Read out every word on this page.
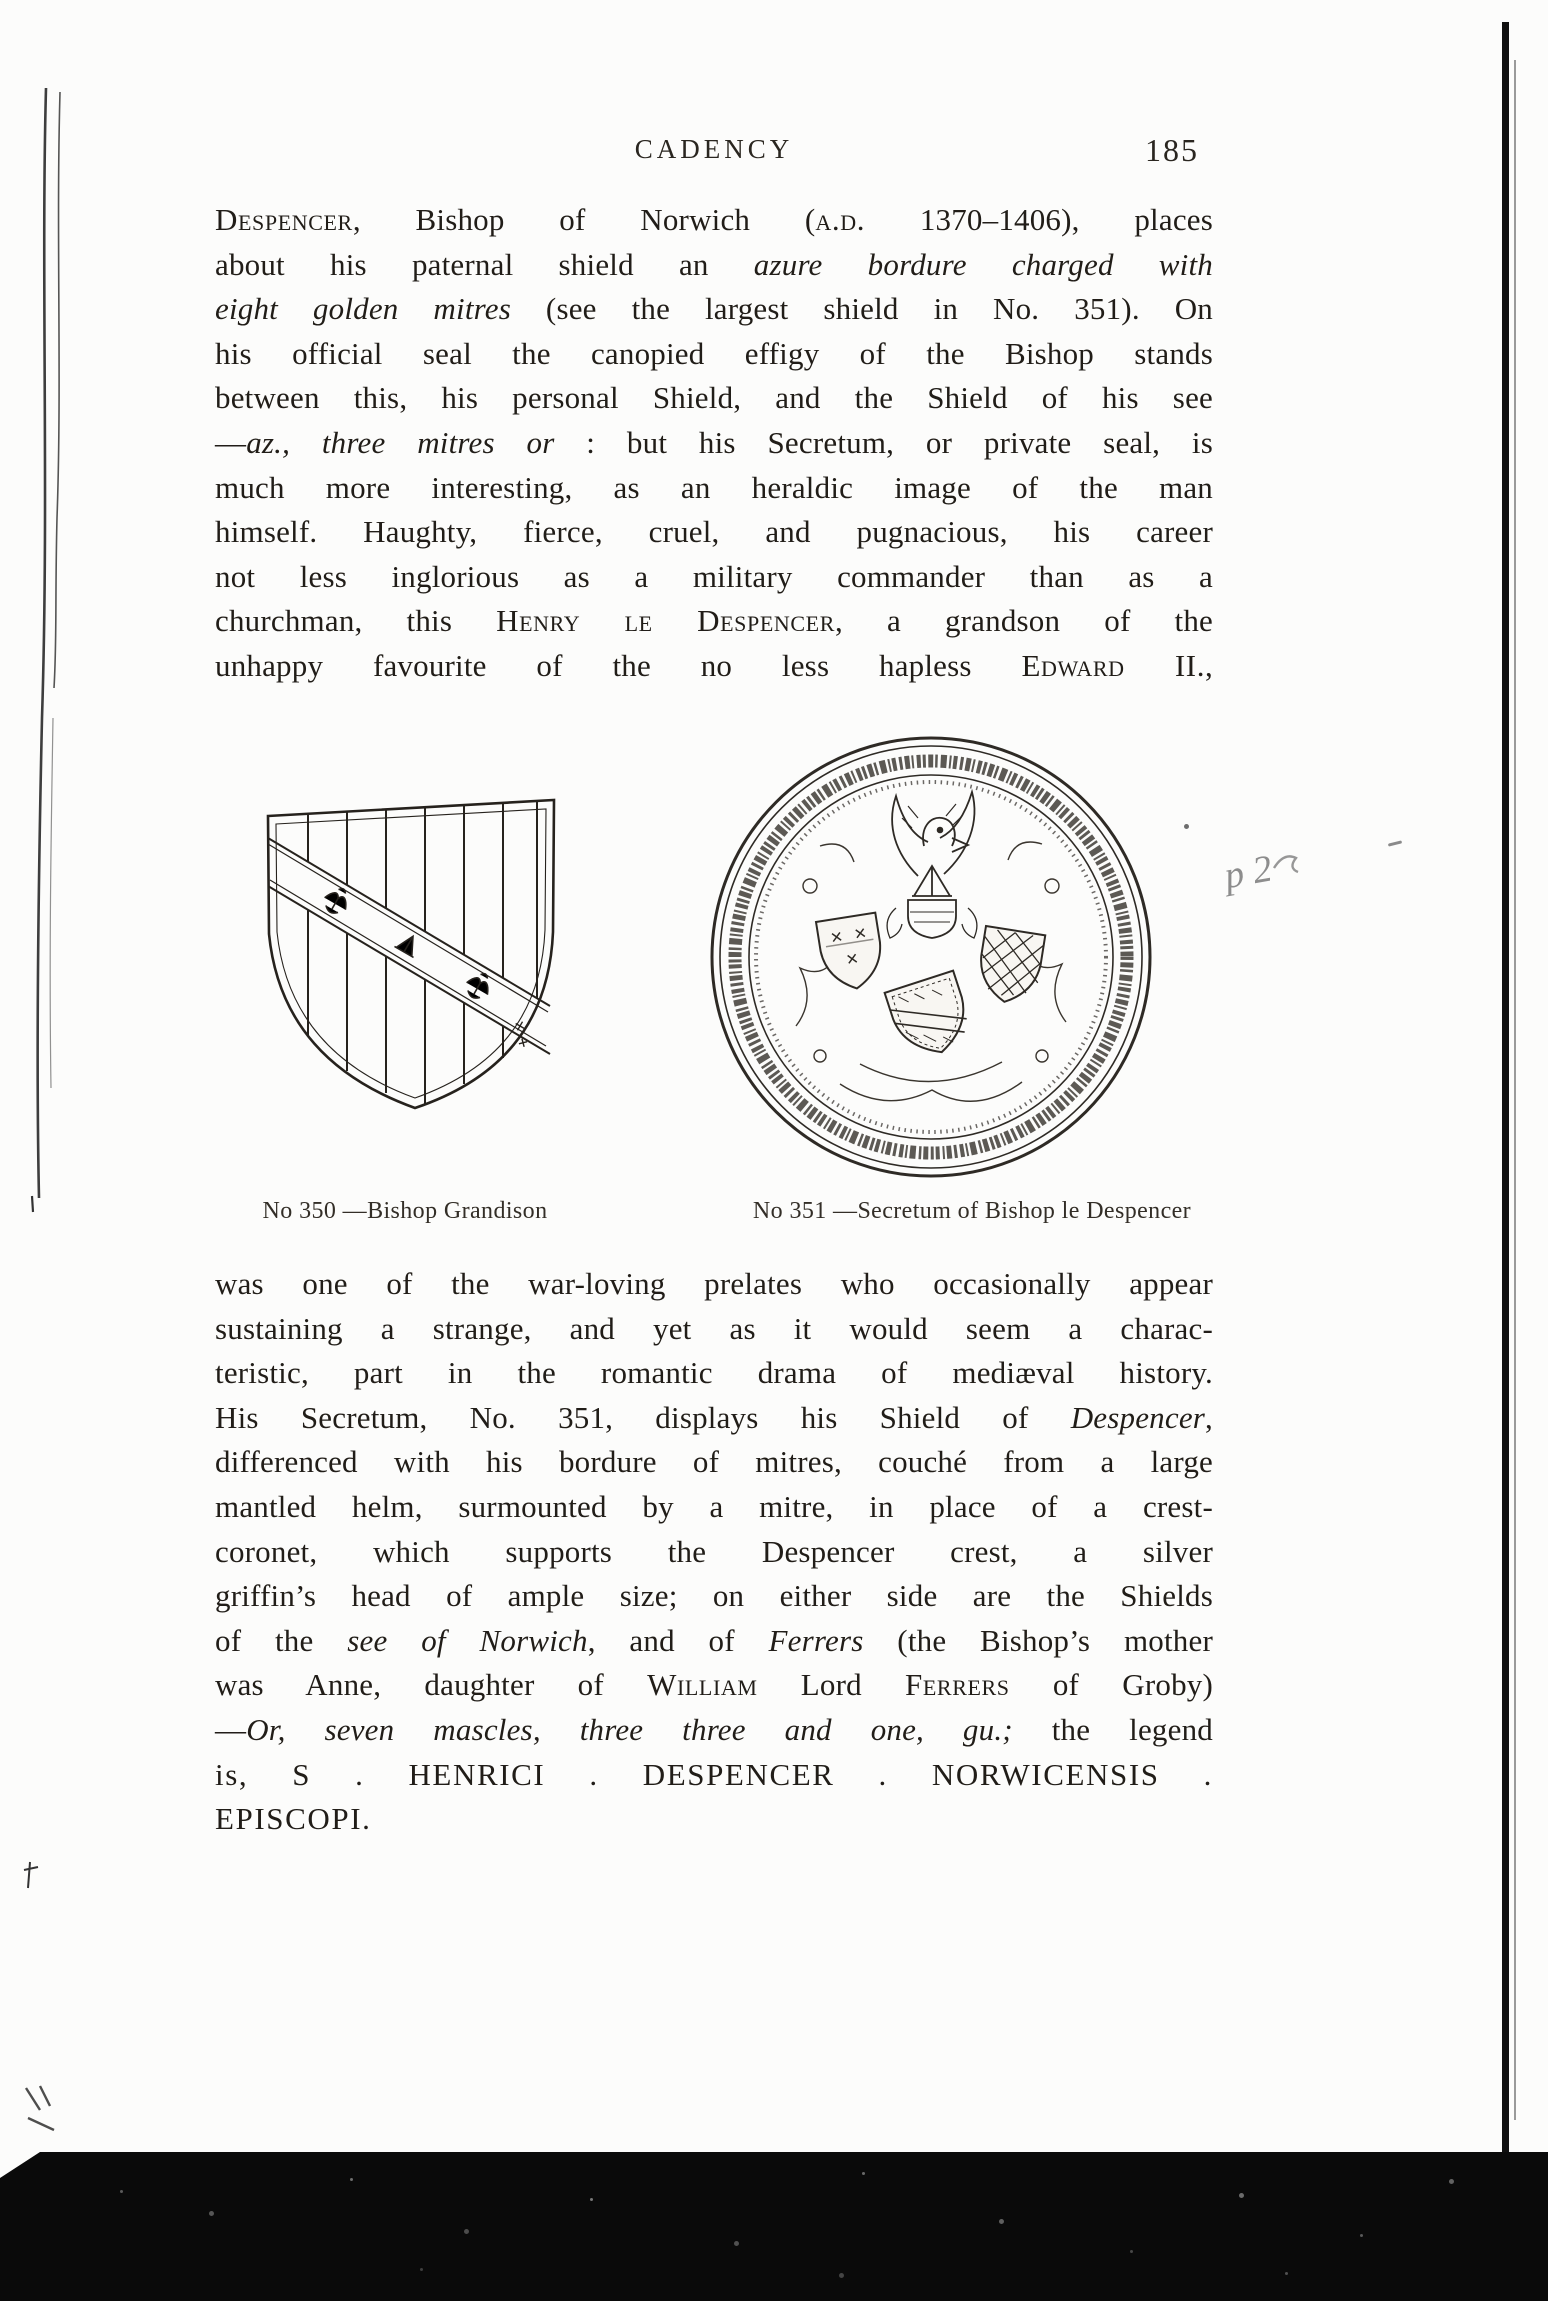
CADENCY	185
Despencer, Bishop of Norwich (a.d. 1370–1406), places
about his paternal shield an azure bordure charged with
eight golden mitres (see the largest shield in No. 351). On
his official seal the canopied effigy of the Bishop stands
between this, his personal Shield, and the Shield of his see
—az., three mitres or : but his Secretum, or private seal, is
much more interesting, as an heraldic image of the man
himself. Haughty, fierce, cruel, and pugnacious, his career
not less inglorious as a military commander than as a
churchman, this Henry le Despencer, a grandson of the
unhappy favourite of the no less hapless Edward II.,
p 2
No 350 —Bishop Grandison	No 351 —Secretum of Bishop le Despencer
was one of the war-loving prelates who occasionally appear
sustaining a strange, and yet as it would seem a charac-
teristic, part in the romantic drama of mediæval history.
His Secretum, No. 351, displays his Shield of Despencer,
differenced with his bordure of mitres, couché from a large
mantled helm, surmounted by a mitre, in place of a crest-
coronet, which supports the Despencer crest, a silver
griffin’s head of ample size; on either side are the Shields
of the see of Norwich, and of Ferrers (the Bishop’s mother
was Anne, daughter of William Lord Ferrers of Groby)
—Or, seven mascles, three three and one, gu.; the legend
is, S . HENRICI . DESPENCER . NORWICENSIS .
EPISCOPI.
